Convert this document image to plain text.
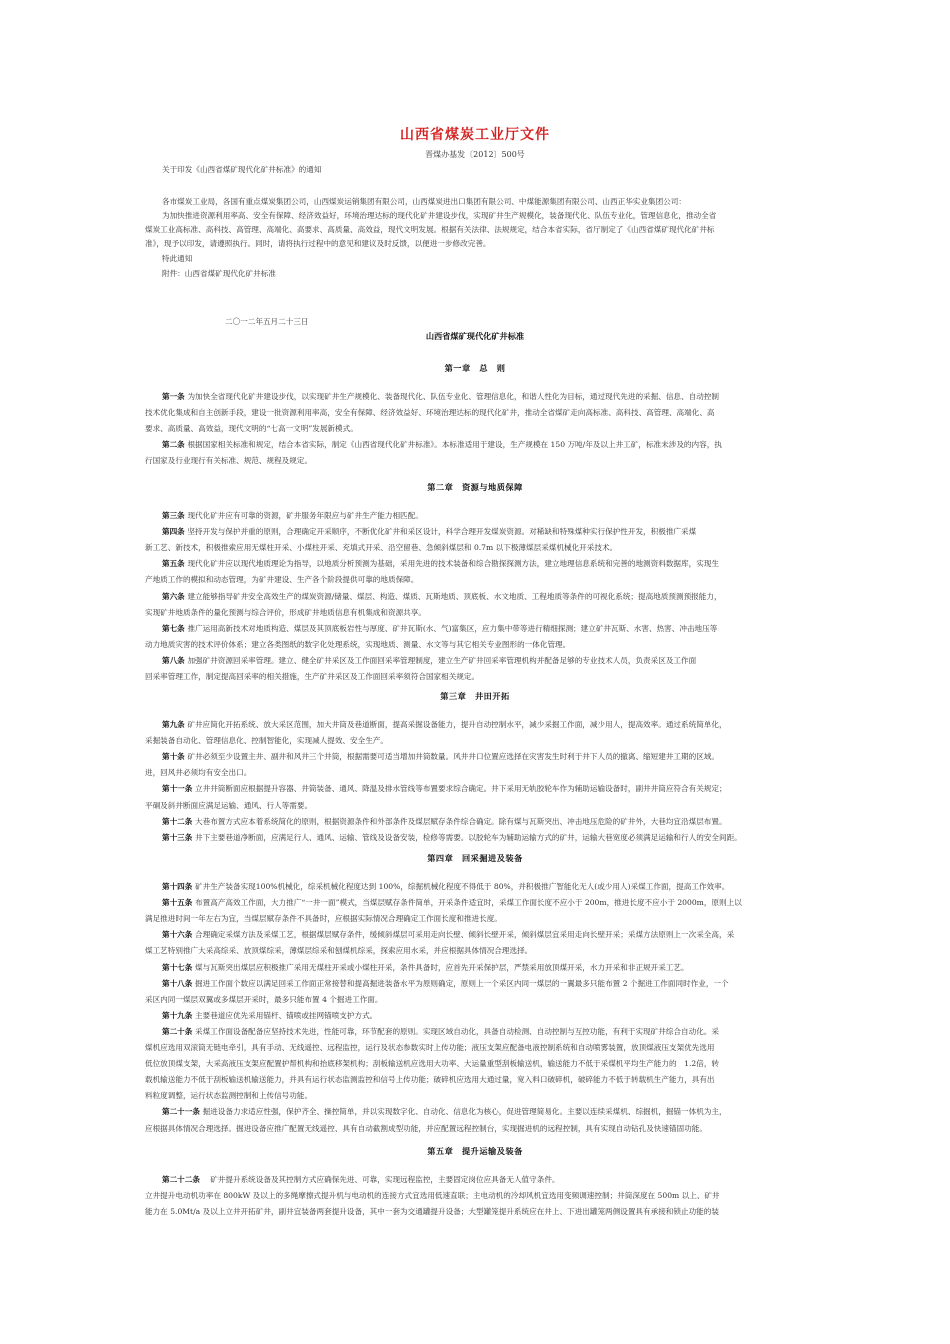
山西省煤炭工业厅文件
晋煤办基发〔2012〕500号
关于印发《山西省煤矿现代化矿井标准》的通知
各市煤炭工业局，各国有重点煤炭集团公司，山西煤炭运销集团有限公司，山西煤炭进出口集团有限公司、中煤能源集团有限公司、山西正华实业集团公司：
为加快推进资源利用率高、安全有保障、经济效益好，环境治理达标的现代化矿井建设步伐，实现矿井生产规模化，装备现代化、队伍专业化，管理信息化，推动全省
煤炭工业高标准、高科技、高管理、高端化、高要求、高质量、高效益，现代文明发展。根据有关法律、法规规定，结合本省实际，省厅制定了《山西省煤矿现代化矿井标
准》，现予以印发，请遵照执行。同时，请将执行过程中的意见和建议及时反馈，以便进一步修改完善。
特此通知
附件：山西省煤矿现代化矿井标准
二〇一二年五月二十三日
山西省煤矿现代化矿井标准
第一章　总　则
第一条 为加快全省现代化矿井建设步伐，以实现矿井生产规模化、装备现代化、队伍专业化、管理信息化，和谐人性化为目标，通过现代先进的采掘、信息、自动控制
技术优化集成和自主创新手段，建设一批资源利用率高，安全有保障、经济效益好、环境治理达标的现代化矿井，推动全省煤矿走向高标准、高科技、高管理、高端化、高
要求、高质量、高效益，现代文明的“七高一文明”发展新模式。
第二条 根据国家相关标准和规定，结合本省实际，制定《山西省现代化矿井标准》。本标准适用于建设，生产规模在 150 万吨/年及以上井工矿，标准未涉及的内容，执
行国家及行业现行有关标准、规范、规程及规定。
第二章　资源与地质保障
第三条 现代化矿井应有可靠的资源，矿井服务年限应与矿井生产能力相匹配。
第四条 坚持开发与保护并重的原则，合理确定开采顺序，不断优化矿井和采区设计，科学合理开发煤炭资源。对稀缺和特殊煤种实行保护性开发，积极推广采煤
新工艺、新技术，积极推索应用无煤柱开采、小煤柱开采、充填式开采、沿空留巷、急倾斜煤层和 0.7m 以下极薄煤层采煤机械化开采技术。
第五条 现代化矿井应以现代地质理论为指导，以地质分析预测为基础，采用先进的技术装备和综合勘探探测方法，建立地理信息系统和完善的地测资料数据库，实现生
产地质工作的模拟和动态管理，为矿井建设、生产各个阶段提供可靠的地质保障。
第六条 建立能够指导矿井安全高效生产的煤炭资源/储量、煤层、构造、煤质、瓦斯地质、顶底板、水文地质、工程地质等条件的可视化系统；提高地质预测预报能力，
实现矿井地质条件的量化预测与综合评价，形成矿井地质信息有机集成和资源共享。
第七条 推广运用高新技术对地质构造、煤层及其顶底板岩性与厚度、矿井瓦斯(水、气)富集区，应力集中带等进行精细探测；建立矿井瓦斯、水害、热害、冲击地压等
动力地质灾害的技术评价体系；建立各类图纸的数字化处理系统，实现地质、测量、水文等与其它相关专业图形的一体化管理。
第八条 加强矿井资源回采率管理。建立、健全矿井采区及工作面回采率管理制度，建立生产矿井回采率管理机构并配备足够的专业技术人员，负责采区及工作面
回采率管理工作，制定提高回采率的相关措施，生产矿井采区及工作面回采率须符合国家相关规定。
第三章　井田开拓
第九条 矿井应简化开拓系统、放大采区范围，加大井筒及巷道断面，提高采掘设备能力，提升自动控制水平，减少采掘工作面，减少用人，提高效率。通过系统简单化，
采掘装备自动化、管理信息化、控制智能化，实现减人提效、安全生产。
第十条 矿井必须至少设置主井、副井和风井三个井筒，根据需要可适当增加井筒数量。风井井口位置应选择在灾害发生时利于井下人员的撤离、缩短建井工期的区域。
进，回风井必须均有安全出口。
第十一条 立井井筒断面应根据提升容器、井筒装备、通风、降温及排水管线等布置要求综合确定。井下采用无轨胶轮车作为辅助运输设备时，副井井筒应符合有关规定；
平硐及斜井断面应满足运输、通风、行人等需要。
第十二条 大巷布置方式应本着系统简化的原则，根据资源条件和外部条件及煤层赋存条件综合确定。除有煤与瓦斯突出、冲击地压危险的矿井外，大巷均宜沿煤层布置。
第十三条 井下主要巷道净断面，应满足行人、通风、运输、管线及设备安装，检修等需要。以胶轮车为辅助运输方式的矿井，运输大巷宽度必须满足运输和行人的安全间距。
第四章　回采掘进及装备
第十四条 矿井生产装备实现100%机械化，综采机械化程度达到 100%，综掘机械化程度不得低于 80%，并积极推广智能化无人(或少用人)采煤工作面，提高工作效率。
第十五条 布置高产高效工作面，大力推广“一井一面”模式，当煤层赋存条件简单，开采条件适宜时，采煤工作面长度不应小于 200m，推进长度不应小于 2000m，原则上以
满足推进时间一年左右为宜，当煤层赋存条件不具备时，应根据实际情况合理确定工作面长度和推进长度。
第十六条 合理确定采煤方法及采煤工艺，根据煤层赋存条件，缓倾斜煤层可采用走向长壁、倾斜长壁开采，倾斜煤层宜采用走向长壁开采；采煤方法原则上一次采全高，采
煤工艺特别推广大采高综采、放顶煤综采，薄煤层综采和刨煤机综采，探索应用水采，并应根据具体情况合理选择。
第十七条 煤与瓦斯突出煤层应积极推广采用无煤柱开采或小煤柱开采，条件具备时，应首先开采保护层，严禁采用放顶煤开采，水力开采和非正规开采工艺。
第十八条 掘进工作面个数应以满足回采工作面正常接替和提高掘进装备水平为原则确定，原则上一个采区内同一煤层的一翼最多只能布置 2 个掘进工作面同时作业，一个
采区内同一煤层双翼或多煤层开采时，最多只能布置 4 个掘进工作面。
第十九条 主要巷道应优先采用锚杆、锚喷或挂网锚喷支护方式。
第二十条 采煤工作面设备配备应坚持技术先进，性能可靠，环节配套的原则。实现区域自动化，具备自动检测、自动控制与互控功能，有利于实现矿井综合自动化。采
煤机应选用双滚筒无链电牵引，具有手动、无线遥控、远程监控，运行及状态参数实时上传功能；液压支架应配备电液控制系统和自动喷雾装置，放顶煤液压支架优先选用
低位放顶煤支架，大采高液压支架应配置护帮机构和抬底移架机构；刮板输送机应选用大功率、大运量重型刮板输送机，输送能力不低于采煤机平均生产能力的　1.2倍，转
载机输送能力不低于刮板输送机输送能力，并具有运行状态监测监控和信号上传功能；破碎机应选用大通过量，宽入料口破碎机，破碎能力不低于转载机生产能力，具有出
料粒度调整，运行状态监测控制和上传信号功能。
第二十一条 掘进设备力求适应性强，保护齐全、操控简单，并以实现数字化、自动化、信息化为核心，促进管理简易化。主要以连续采煤机、综掘机，掘锚一体机为主，
应根据具体情况合理选择。掘进设备应推广配置无线遥控、具有自动截割成型功能，并应配置远程控制台，实现掘进机的远程控制，具有实现自动钻孔及快速锚固功能。
第五章　提升运输及装备
第二十二条 　矿井提升系统设备及其控制方式应确保先进、可靠，实现远程监控，主要固定岗位应具备无人值守条件。
立井提升电动机功率在 800kW 及以上的多绳摩擦式提升机与电动机的连接方式宜选用低速直联；主电动机的冷却风机宜选用变频调速控制；井筒深度在 500m 以上、矿井
能力在 5.0Mt/a 及以上立井开拓矿井，副井宜装备两套提升设备，其中一套为交通罐提升设备；大型罐笼提升系统应在井上、下进出罐笼两侧设置具有承接和锁止功能的装
